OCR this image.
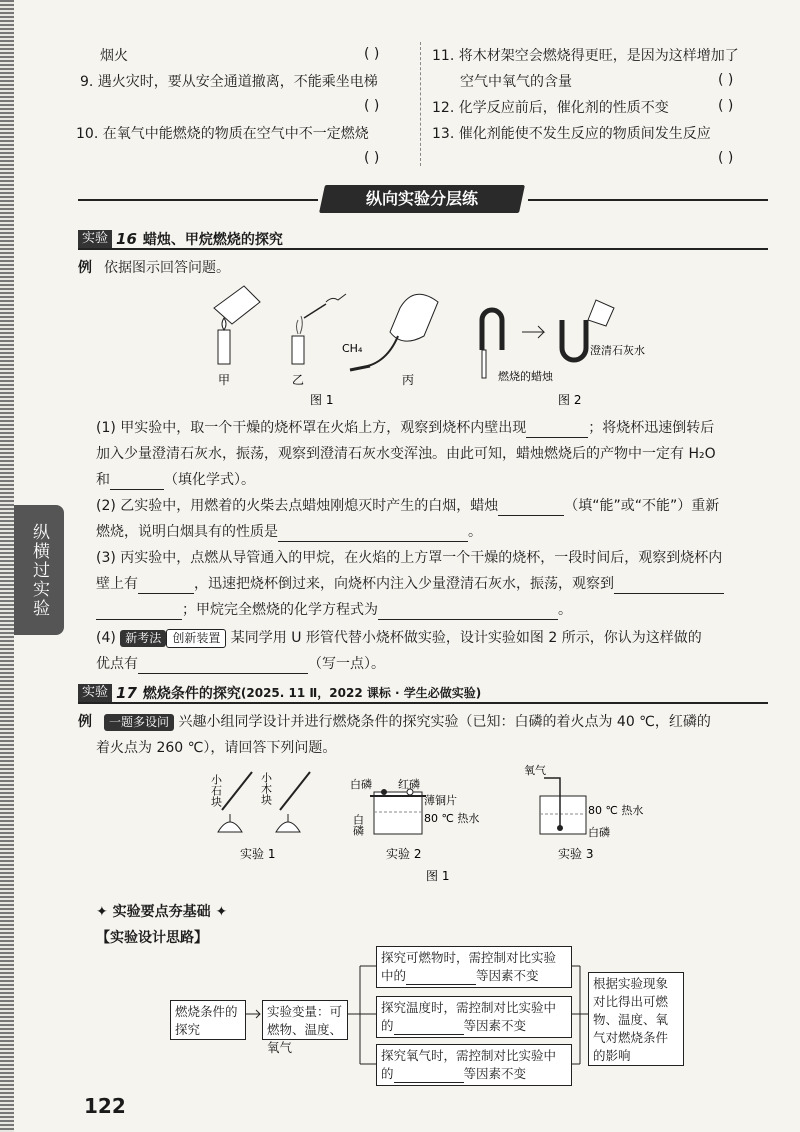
烟火	( )
9. 遇火灾时，要从安全通道撤离，不能乘坐电梯
( )
10. 在氧气中能燃烧的物质在空气中不一定燃烧
( )
11. 将木材架空会燃烧得更旺，是因为这样增加了
空气中氧气的含量	( )
12. 化学反应前后，催化剂的性质不变	( )
13. 催化剂能使不发生反应的物质间发生反应
( )
纵向实验分层练
实验 16 蜡烛、甲烷燃烧的探究
例 依据图示回答问题。
甲	乙
CH₄
丙
图 1
澄清石灰水
燃烧的蜡烛
图 2
(1) 甲实验中，取一个干燥的烧杯罩在火焰上方，观察到烧杯内壁出现	；将烧杯迅速倒转后
加入少量澄清石灰水，振荡，观察到澄清石灰水变浑浊。由此可知，蜡烛燃烧后的产物中一定有 H₂O
和	（填化学式）。
(2) 乙实验中，用燃着的火柴去点蜡烛刚熄灭时产生的白烟，蜡烛	（填“能”或“不能”）重新
燃烧，说明白烟具有的性质是	。
(3) 丙实验中，点燃从导管通入的甲烷，在火焰的上方罩一个干燥的烧杯，一段时间后，观察到烧杯内
壁上有	，迅速把烧杯倒过来，向烧杯内注入少量澄清石灰水，振荡，观察到
；甲烷完全燃烧的化学方程式为	。
(4) 新考法 创新装置 某同学用 U 形管代替小烧杯做实验，设计实验如图 2 所示，你认为这样做的
优点有	（写一点）。
纵横过实验
实验 17 燃烧条件的探究(2025. 11 Ⅱ，2022 课标 · 学生必做实验)
例	一题多设问 兴趣小组同学设计并进行燃烧条件的探究实验（已知：白磷的着火点为 40 ℃，红磷的
着火点为 260 ℃），请回答下列问题。
小石块	小木块	白磷 红磷
薄铜片
80 ℃ 热水
白磷
氧气
80 ℃ 热水
白磷
实验 1	实验 2	实验 3
图 1
✦ 实验要点夯基础 ✦
【实验设计思路】
燃烧条件的探究
实验变量：可燃物、温度、氧气
探究可燃物时，需控制对比实验中的	等因素不变
探究温度时，需控制对比实验中的	等因素不变
探究氧气时，需控制对比实验中的	等因素不变
根据实验现象对比得出可燃物、温度、氧气对燃烧条件的影响
122
